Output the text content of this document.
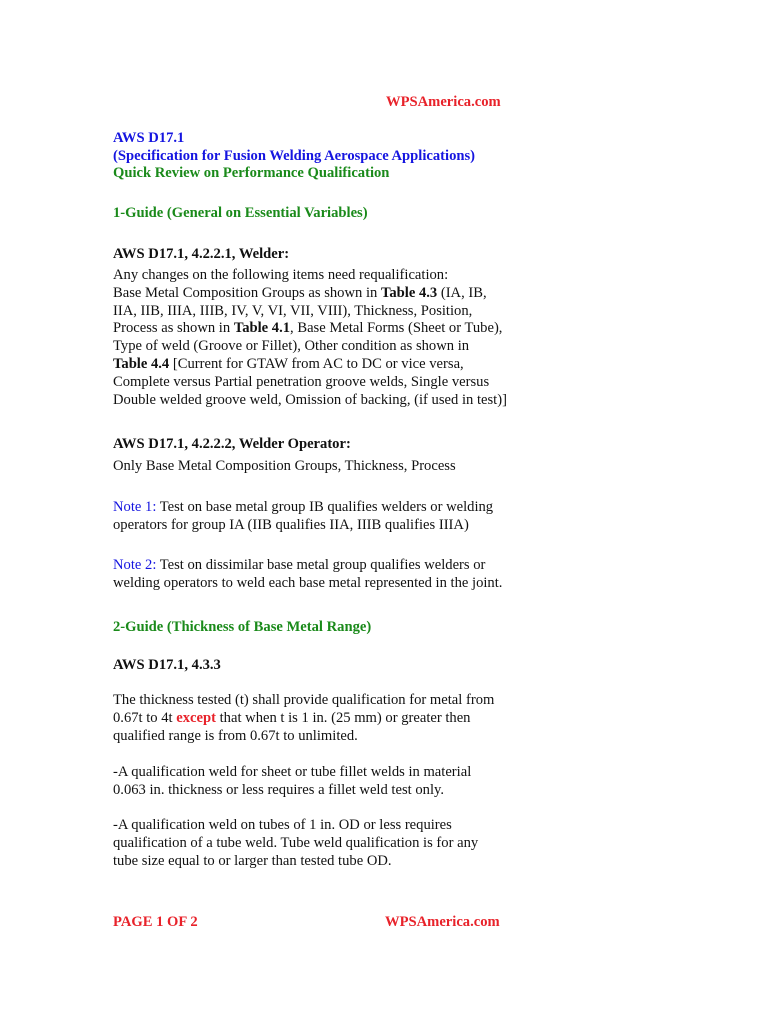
WPSAmerica.com
AWS D17.1
(Specification for Fusion Welding Aerospace Applications)
Quick Review on Performance Qualification
1-Guide (General on Essential Variables)
AWS D17.1, 4.2.2.1, Welder:
Any changes on the following items need requalification:
Base Metal Composition Groups as shown in Table 4.3 (IA, IB,
IIA, IIB, IIIA, IIIB, IV, V, VI, VII, VIII), Thickness, Position,
Process as shown in Table 4.1, Base Metal Forms (Sheet or Tube),
Type of weld (Groove or Fillet), Other condition as shown in
Table 4.4 [Current for GTAW from AC to DC or vice versa,
Complete versus Partial penetration groove welds, Single versus
Double welded groove weld, Omission of backing, (if used in test)]
AWS D17.1, 4.2.2.2, Welder Operator:
Only Base Metal Composition Groups, Thickness, Process
Note 1: Test on base metal group IB qualifies welders or welding
operators for group IA (IIB qualifies IIA, IIIB qualifies IIIA)
Note 2: Test on dissimilar base metal group qualifies welders or
welding operators to weld each base metal represented in the joint.
2-Guide (Thickness of Base Metal Range)
AWS D17.1, 4.3.3
The thickness tested (t) shall provide qualification for metal from
0.67t to 4t except that when t is 1 in. (25 mm) or greater then
qualified range is from 0.67t to unlimited.
-A qualification weld for sheet or tube fillet welds in material
0.063 in. thickness or less requires a fillet weld test only.
-A qualification weld on tubes of 1 in. OD or less requires
qualification of a tube weld. Tube weld qualification is for any
tube size equal to or larger than tested tube OD.
PAGE 1 OF 2	WPSAmerica.com
